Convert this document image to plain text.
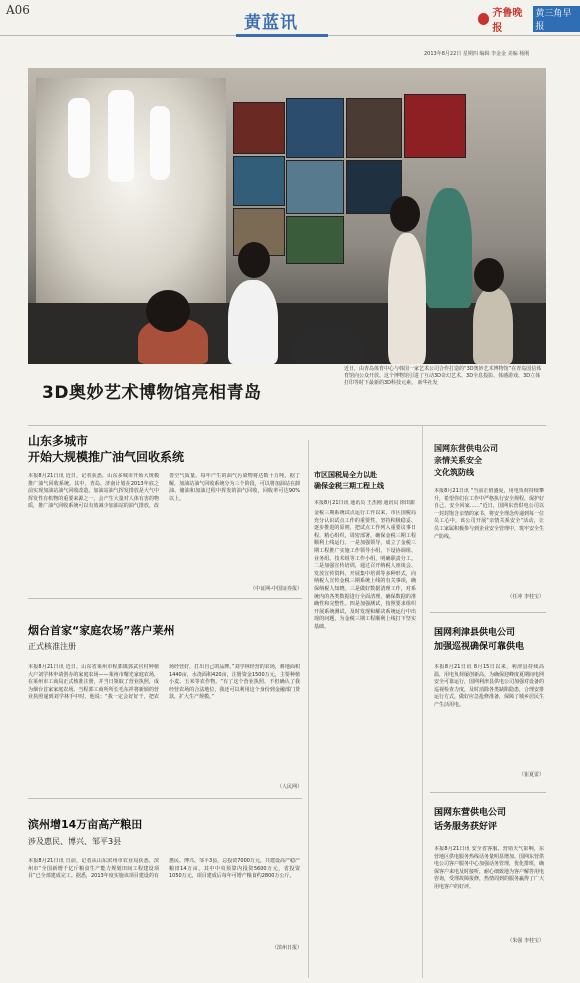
A06
黄蓝讯	齐鲁晚报
黄三角早报
2013年8月22日 星期四 编辑 李金金 美编 杨刚
3D奥妙艺术博物馆亮相青岛
近日，由青岛体育中心与韩国一家艺术公司合作打造的“3D奥妙艺术博物馆”在青岛国信体育馆向公众开放。这个博物馆引进了互动3D奇幻艺术、3D全息投影、体感游戏、3D立体打印等时下最新的3D科技元素。 新华社发
山东多城市
开始大规模推广油气回收系统
本报8月21日讯 近日，记者获悉，山东多城市开始大规模推广油气回收系统。其中，青岛、济南计划在2013年底之前实现加油站油气回收改造。加油站油气挥发排放是大气中挥发性有机物的重要来源之一，会产生大量对人体有害的物质，推广油气回收系统可以有效减少加油站的油气排放，改善空气质量。每年产生的油气污染物将达数十万吨。据了解，加油站油气回收系统分为三个阶段，可以将加油站在卸油、储油和加油过程中挥发的油气回收，回收率可达90%以上。
（中证网-中国证券报）
烟台首家“家庭农场”落户莱州
正式核准注册
本报8月21日讯 近日，山东省莱州市程郭镇郭武官村种植大户刘学林申请创办的家庭农场——莱州市曙光家庭农场，在莱州市工商局正式核准注册，并当日领取了营业执照，成为烟台首家家庭农场。当程郭工商所所长毛东祥将新颁的营业执照递到刘学林手中时，他说：“我一定会好好干，把农场经营好，打出自己的品牌。”刘学林经营的农场，耕地面积1440亩，水浇面积420亩，注册资金1500万元，主要种植小麦、玉米等农作物。“有了这个营业执照，不但确认了我经营农场的合法地位，我还可以利用这个身份到金融部门贷款，扩大生产规模。”
（人民网）
滨州增14万亩高产粮田
涉及惠民、博兴、邹平3县
本报8月21日讯 日前，记者从山东滨州市农业局获悉，滨州市“全国新增千亿斤粮食生产能力规划田间工程建设项目”已全部建成完工。据悉，2013年度实施该项目建设的有惠民、博兴、邹平3县，总投资7000万元，共建设高产稳产粮田14万亩，其中中央预算内投资5600万元，省投资1050万元，项目建成后每年可增产粮食约2800万公斤。
（滨州日报）
市区国税局全力以赴
确保金税三期工程上线
本报8月21日讯 通讯员 王杰刚 通讯员 徐田甜
金税三期系统试点运行工作以来，市区国税局充分认识试点工作的重要性，坚持积极稳妥、逐步推进的原则，把试点工作列入重要议事日程，精心组织，周密部署，确保金税三期工程顺利上线运行。一是加强领导，成立了金税三期工程推广实施工作领导小组，下设协调组、业务组、技术组等工作小组，明确职责分工。二是加强宣传培训，通过召开纳税人座谈会、发放宣传资料、开展集中培训等多种形式，向纳税人宣传金税三期系统上线的有关事项，确保纳税人知晓。三是做好数据清理工作，对系统内的各类数据进行全面清理，确保数据的准确性和完整性。四是加强测试，按照要求组织开展系统测试，及时发现和解决系统运行中出现的问题，为金税三期工程顺利上线打下坚实基础。
国网东营供电公司
亲情关系安全
文化筑防线
本报8月21日讯 “当前正值盛夏，用电负荷持续攀升，希望你们在工作中严格执行安全规程，保护好自己，安全回家……”近日，国网东营供电公司以一封封饱含亲情的家书，将安全理念传递到每一位员工心中。该公司开展“亲情关系安全”活动，让员工家属积极参与到企业安全管理中，筑牢安全生产防线。
（任冲 李桂宝）
国网利津县供电公司
加强巡视确保可靠供电
本报8月21日讯 8月15日以来，利津县持续高温，用电负荷屡创新高。为确保迎峰度夏期间电网安全可靠运行，国网利津县供电公司加强对设备的巡视检查力度，及时消除各类缺陷隐患，合理安排运行方式，做好应急抢修准备，保障了城乡居民生产生活用电。
（崔夏雷）
国网东营供电公司
话务服务获好评
本报8月21日讯 安全省客服、营销天气影响，东营地区供电服务热线话务量明显增加。国网东营供电公司客户服务中心加强话务管理，优化排班，确保客户来电及时接听，耐心细致地为客户解答用电咨询，受理故障报修，热情周到的服务赢得了广大用电客户的好评。
（朱强 李桂宝）
